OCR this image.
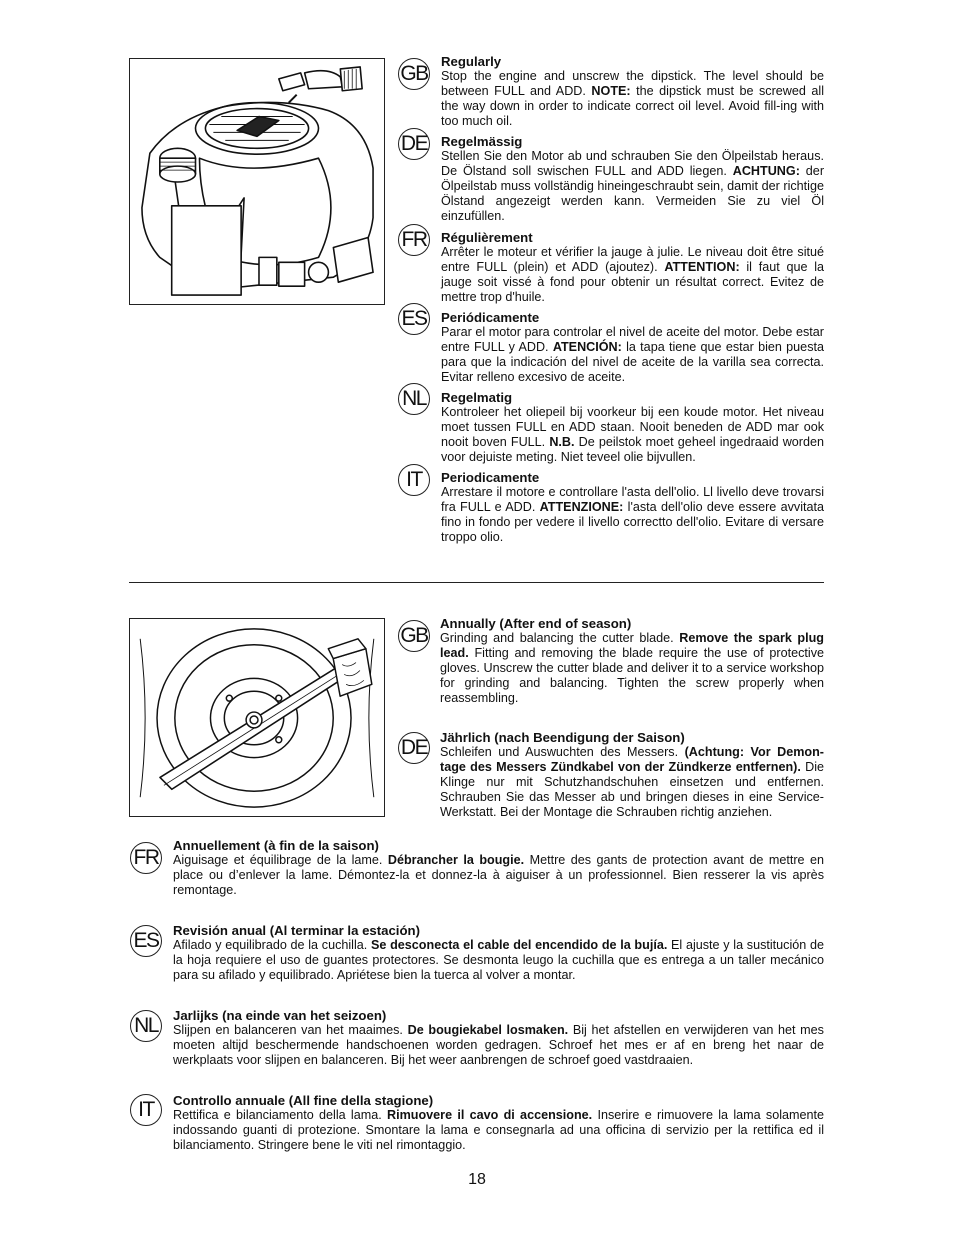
GB
DE
FR
ES
NL
IT
Regularly

Stop the engine and unscrew the dipstick. The level should be between FULL and ADD. NOTE: the dipstick must be screwed all the way down in order to indicate correct oil level. Avoid fill-ing with too much oil.

Regelmässig

Stellen Sie den Motor ab und schrauben Sie den Ölpeilstab heraus. De Ölstand soll swischen FULL and ADD liegen. ACHTUNG: der Ölpeilstab muss vollständig hineingeschraubt sein, damit der richtige Ölstand angezeigt werden kann. Vermeiden Sie zu viel Öl einzufüllen.

Régulièrement

Arrêter le moteur et vérifier la jauge à julie. Le niveau doit être situé entre FULL (plein) et ADD (ajoutez). ATTENTION: il faut que la jauge soit vissé à fond pour obtenir un résultat correct. Evitez de mettre trop d'huile.

Periódicamente

Parar el motor para controlar el nivel de aceite del motor. Debe estar entre FULL y ADD. ATENCIÓN: la tapa tiene que estar bien puesta para que la indicación del nivel de aceite de la varilla sea correcta. Evitar relleno excesivo de aceite.

Regelmatig

Kontroleer het oliepeil bij voorkeur bij een koude motor. Het niveau moet tussen FULL en ADD staan. Nooit beneden de ADD mar ook nooit boven FULL. N.B. De peilstok moet geheel ingedraaid worden voor dejuiste meting. Niet teveel olie bijvullen.

Periodicamente

Arrestare il motore e controllare l'asta dell'olio. Ll livello deve trovarsi fra FULL e ADD. ATTENZIONE: l'asta dell'olio deve essere avvitata fino in fondo per vedere il livello correctto dell'olio. Evitare di versare troppo olio.

GB
DE
FR
ES
NL
IT
Annually (After end of season)

Grinding and balancing the cutter blade. Remove the spark plug lead. Fitting and removing the blade require the use of protective gloves. Unscrew the cutter blade and deliver it to a service workshop for grinding and balancing. Tighten the screw properly when reassembling.

Jährlich (nach Beendigung der Saison)

Schleifen und Auswuchten des Messers. (Achtung: Vor Demon-tage des Messers Zündkabel von der Zündkerze entfernen). Die Klinge nur mit Schutzhandschuhen einsetzen und entfernen. Schrauben Sie das Messer ab und bringen dieses in eine Service-Werkstatt. Bei der Montage die Schrauben richtig anziehen.

Annuellement (à fin de la saison)

Aiguisage et équilibrage de la lame. Débrancher la bougie. Mettre des gants de protection avant de mettre en place ou d’enlever la lame. Démontez-la et donnez-la à aiguiser à un professionnel. Bien resserer la vis après remontage.

Revisión anual (Al terminar la estación)

Afilado y equilibrado de la cuchilla. Se desconecta el cable del encendido de la bujía. El ajuste y la sustitución de la hoja requiere el uso de guantes protectores. Se desmonta leugo la cuchilla que es entrega a un taller mecánico para su afilado y equilibrado. Apriétese bien la tuerca al volver a montar.

Jarlijks (na einde van het seizoen)

Slijpen en balanceren van het maaimes. De bougiekabel losmaken. Bij het afstellen en verwijderen van het mes moeten altijd beschermende handschoenen worden gedragen. Schroef het mes er af en breng het naar de werkplaats voor slijpen en balanceren. Bij het weer aanbrengen de schroef goed vastdraaien.

Controllo annuale (All fine della stagione)

Rettifica e bilanciamento della lama. Rimuovere il cavo di accensione. Inserire e rimuovere la lama solamente indossando guanti di protezione. Smontare la lama e consegnarla ad una officina di servizio per la rettifica ed il bilanciamento. Stringere bene le viti nel rimontaggio.

18
